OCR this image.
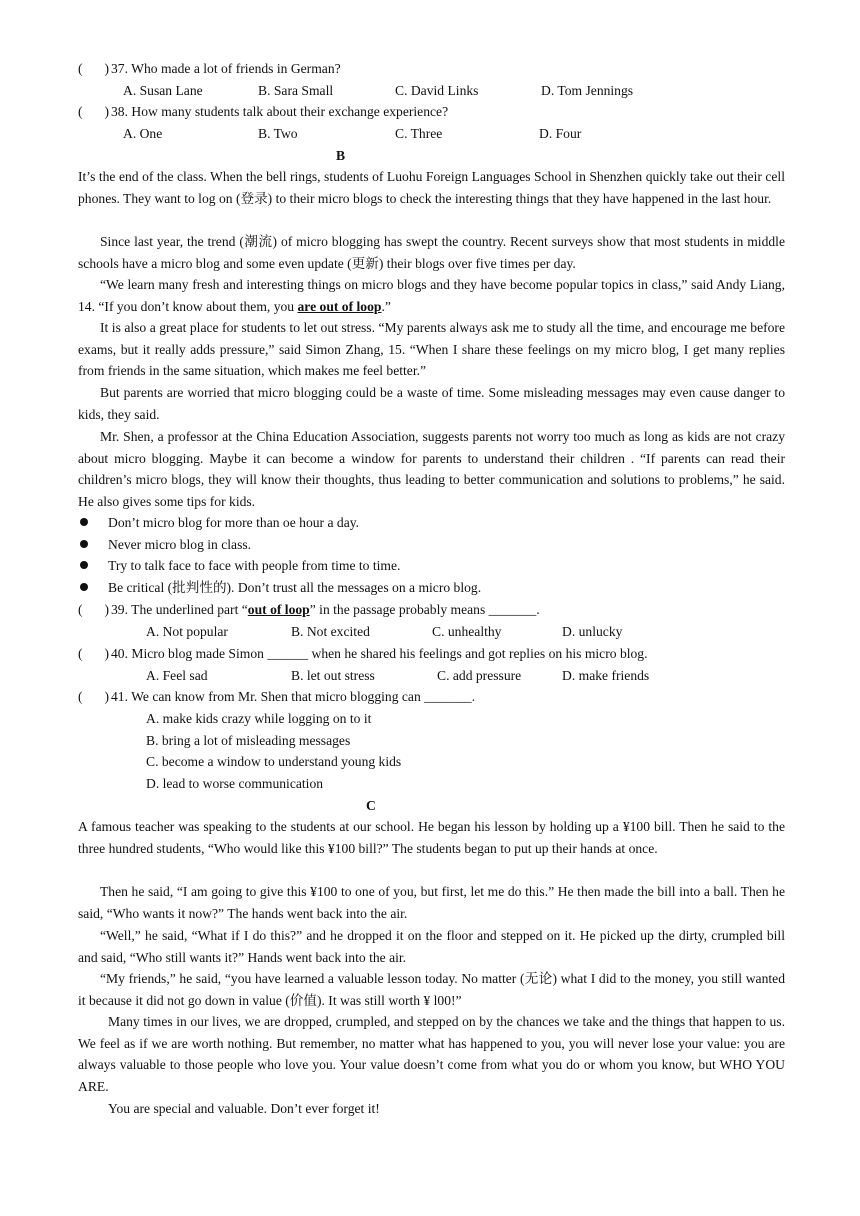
( ) 37. Who made a lot of friends in German?
A. Susan Lane	B. Sara Small	C. David Links	D. Tom Jennings
( ) 38. How many students talk about their exchange experience?
A. One	B. Two	C. Three	D. Four
B
It’s the end of the class. When the bell rings, students of Luohu Foreign Languages School in Shenzhen quickly take out their cell phones. They want to log on (登录) to their micro blogs to check the interesting things that they have happened in the last hour.
Since last year, the trend (潮流) of micro blogging has swept the country. Recent surveys show that most students in middle schools have a micro blog and some even update (更新) their blogs over five times per day.
“We learn many fresh and interesting things on micro blogs and they have become popular topics in class,” said Andy Liang, 14. “If you don’t know about them, you are out of loop.”
It is also a great place for students to let out stress. “My parents always ask me to study all the time, and encourage me before exams, but it really adds pressure,” said Simon Zhang, 15. “When I share these feelings on my micro blog, I get many replies from friends in the same situation, which makes me feel better.”
But parents are worried that micro blogging could be a waste of time. Some misleading messages may even cause danger to kids, they said.
Mr. Shen, a professor at the China Education Association, suggests parents not worry too much as long as kids are not crazy about micro blogging. Maybe it can become a window for parents to understand their children . “If parents can read their children’s micro blogs, they will know their thoughts, thus leading to better communication and solutions to problems,” he said. He also gives some tips for kids.
Don’t micro blog for more than oe hour a day.
Never micro blog in class.
Try to talk face to face with people from time to time.
Be critical (批判性的). Don’t trust all the messages on a micro blog.
( ) 39. The underlined part “out of loop” in the passage probably means _______.
A. Not popular	B. Not excited	C. unhealthy	D. unlucky
( ) 40. Micro blog made Simon ______ when he shared his feelings and got replies on his micro blog.
A. Feel sad	B. let out stress	C. add pressure	D. make friends
( ) 41. We can know from Mr. Shen that micro blogging can _______.
A. make kids crazy while logging on to it
B. bring a lot of misleading messages
C. become a window to understand young kids
D. lead to worse communication
C
A famous teacher was speaking to the students at our school. He began his lesson by holding up a ¥100 bill. Then he said to the three hundred students, “Who would like this ¥100 bill?” The students began to put up their hands at once.
Then he said, “I am going to give this ¥100 to one of you, but first, let me do this.” He then made the bill into a ball. Then he said, “Who wants it now?” The hands went back into the air.
“Well,” he said, “What if I do this?” and he dropped it on the floor and stepped on it. He picked up the dirty, crumpled bill and said, “Who still wants it?” Hands went back into the air.
“My friends,” he said, “you have learned a valuable lesson today. No matter (无论) what I did to the money, you still wanted it because it did not go down in value (价值). It was still worth ¥ l00!”
Many times in our lives, we are dropped, crumpled, and stepped on by the chances we take and the things that happen to us. We feel as if we are worth nothing. But remember, no matter what has happened to you, you will never lose your value: you are always valuable to those people who love you. Your value doesn’t come from what you do or whom you know, but WHO YOU ARE.
You are special and valuable. Don’t ever forget it!
